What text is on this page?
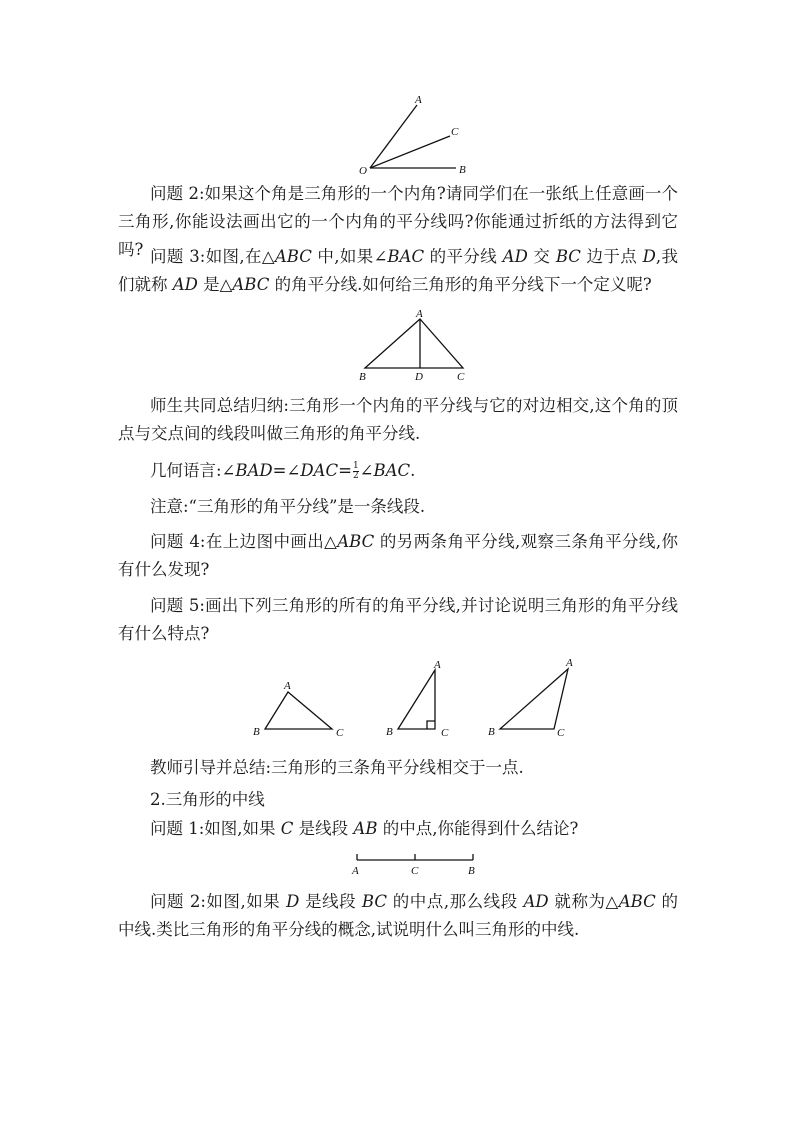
A
C
O	B

问题 2:如果这个角是三角形的一个内角?请同学们在一张纸上任意画一个三角形,你能设法画出它的一个内角的平分线吗?你能通过折纸的方法得到它吗? 问题 3:如图,在△ABC 中,如果∠BAC 的平分线 AD 交 BC 边于点 D,我们就称 AD 是△ABC 的角平分线.如何给三角形的角平分线下一个定义呢?

A
B	D	C

师生共同总结归纳:三角形一个内角的平分线与它的对边相交,这个角的顶点与交点间的线段叫做三角形的角平分线.

几何语言:∠BAD=∠DAC= $\frac{1}{2}$ ∠BAC.

注意:“三角形的角平分线”是一条线段.

问题 4:在上边图中画出△ABC 的另两条角平分线,观察三条角平分线,你有什么发现?

问题 5:画出下列三角形的所有的角平分线,并讨论说明三角形的角平分线有什么特点?

A
B	C
A
B	C
A
B	C

教师引导并总结:三角形的三条角平分线相交于一点.

2.三角形的中线

问题 1:如图,如果 C 是线段 AB 的中点,你能得到什么结论?

A	C	B

问题 2:如图,如果 D 是线段 BC 的中点,那么线段 AD 就称为△ABC 的中线.类比三角形的角平分线的概念,试说明什么叫三角形的中线.
